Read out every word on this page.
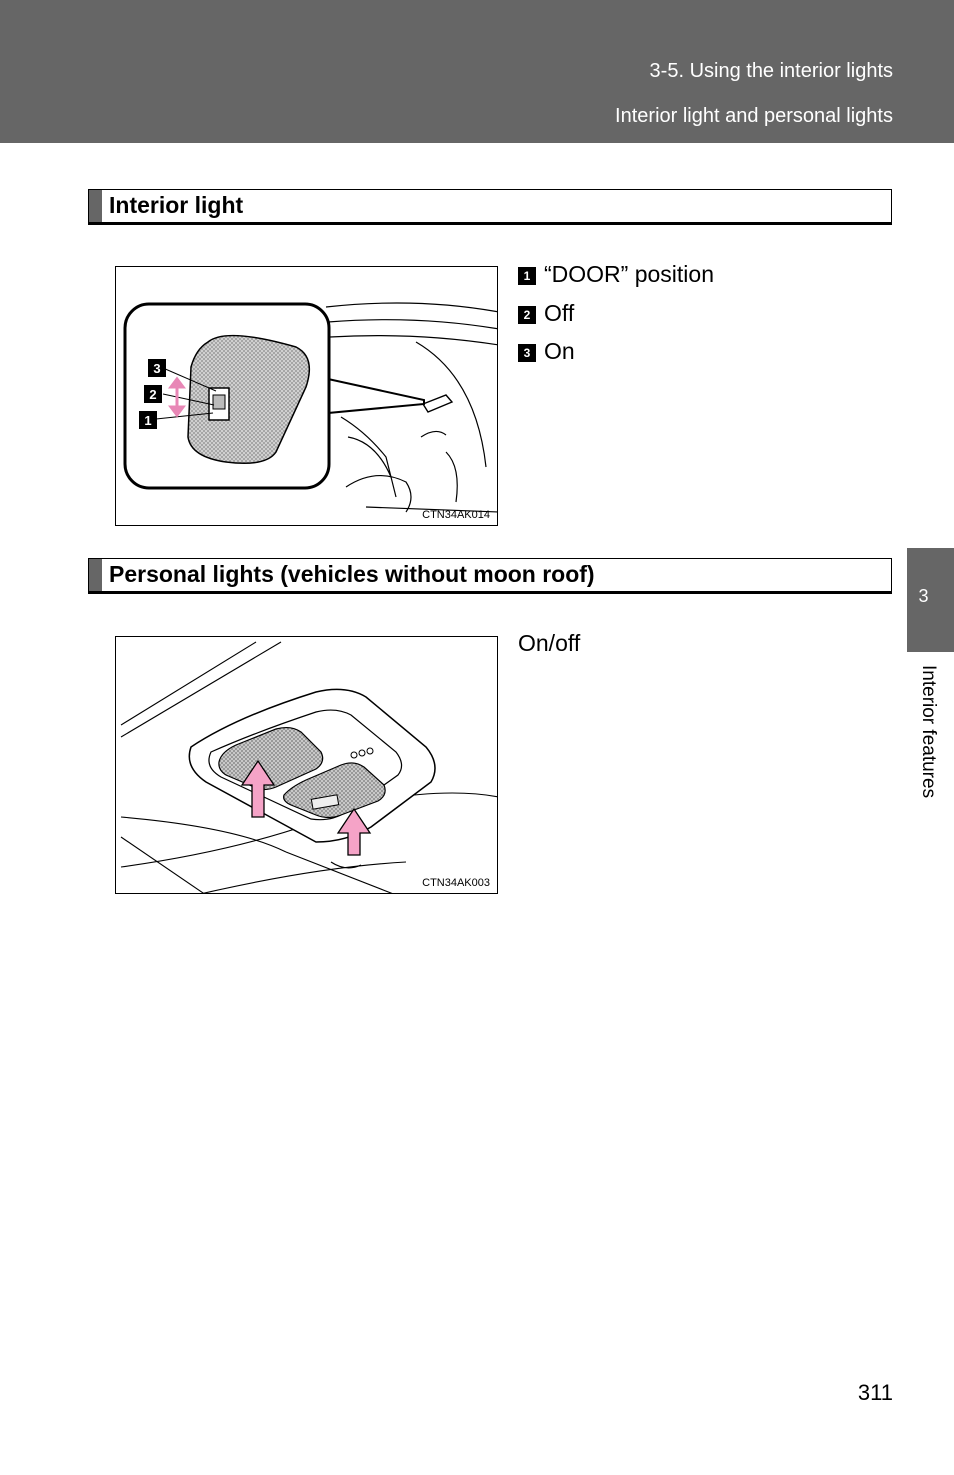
3-5. Using the interior lights
Interior light and personal lights
Interior light
3
2
1
CTN34AK014
1 “DOOR” position
2 Off
3 On
Personal lights (vehicles without moon roof)
CTN34AK003
On/off
3
Interior features
311
